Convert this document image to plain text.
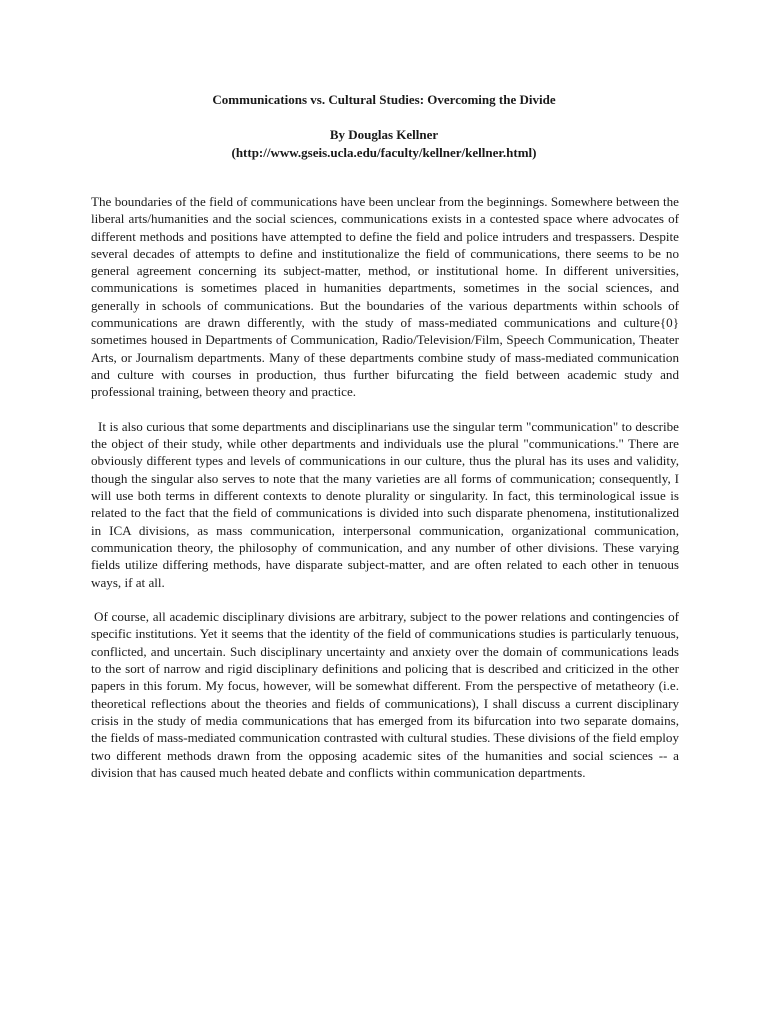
Communications vs. Cultural Studies: Overcoming the Divide
By Douglas Kellner
(http://www.gseis.ucla.edu/faculty/kellner/kellner.html)

The boundaries of the field of communications have been unclear from the beginnings. Somewhere between the liberal arts/humanities and the social sciences, communications exists in a contested space where advocates of different methods and positions have attempted to define the field and police intruders and trespassers. Despite several decades of attempts to define and institutionalize the field of communications, there seems to be no general agreement concerning its subject-matter, method, or institutional home. In different universities, communications is sometimes placed in humanities departments, sometimes in the social sciences, and generally in schools of communications. But the boundaries of the various departments within schools of communications are drawn differently, with the study of mass-mediated communications and culture{0} sometimes housed in Departments of Communication, Radio/Television/Film, Speech Communication, Theater Arts, or Journalism departments. Many of these departments combine study of mass-mediated communication and culture with courses in production, thus further bifurcating the field between academic study and professional training, between theory and practice.

It is also curious that some departments and disciplinarians use the singular term "communication" to describe the object of their study, while other departments and individuals use the plural "communications." There are obviously different types and levels of communications in our culture, thus the plural has its uses and validity, though the singular also serves to note that the many varieties are all forms of communication; consequently, I will use both terms in different contexts to denote plurality or singularity. In fact, this terminological issue is related to the fact that the field of communications is divided into such disparate phenomena, institutionalized in ICA divisions, as mass communication, interpersonal communication, organizational communication, communication theory, the philosophy of communication, and any number of other divisions. These varying fields utilize differing methods, have disparate subject-matter, and are often related to each other in tenuous ways, if at all.

Of course, all academic disciplinary divisions are arbitrary, subject to the power relations and contingencies of specific institutions. Yet it seems that the identity of the field of communications studies is particularly tenuous, conflicted, and uncertain. Such disciplinary uncertainty and anxiety over the domain of communications leads to the sort of narrow and rigid disciplinary definitions and policing that is described and criticized in the other papers in this forum. My focus, however, will be somewhat different. From the perspective of metatheory (i.e. theoretical reflections about the theories and fields of communications), I shall discuss a current disciplinary crisis in the study of media communications that has emerged from its bifurcation into two separate domains, the fields of mass-mediated communication contrasted with cultural studies. These divisions of the field employ two different methods drawn from the opposing academic sites of the humanities and social sciences -- a division that has caused much heated debate and conflicts within communication departments.
